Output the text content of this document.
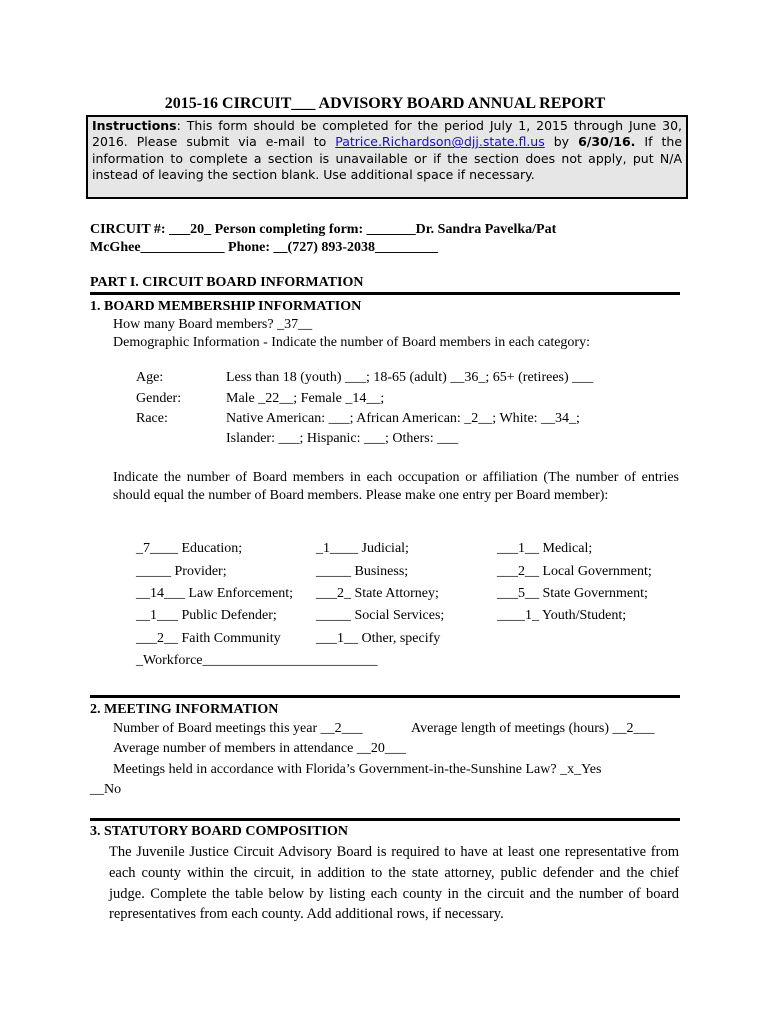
2015-16 CIRCUIT___ ADVISORY BOARD ANNUAL REPORT
Instructions: This form should be completed for the period July 1, 2015 through June 30, 2016. Please submit via e-mail to Patrice.Richardson@djj.state.fl.us by 6/30/16. If the information to complete a section is unavailable or if the section does not apply, put N/A instead of leaving the section blank. Use additional space if necessary.
CIRCUIT #: ___20_ Person completing form: _______Dr. Sandra Pavelka/Pat
McGhee____________ Phone: __(727) 893-2038_________
PART I. CIRCUIT BOARD INFORMATION
1. BOARD MEMBERSHIP INFORMATION
How many Board members? _37__
Demographic Information - Indicate the number of Board members in each category:
Age:	Less than 18 (youth) ___; 18-65 (adult) __36_; 65+ (retirees) ___
Gender:	Male _22__; Female _14__;
Race:	Native American: ___; African American: _2__; White: __34_;
Islander: ___; Hispanic: ___; Others: ___
Indicate the number of Board members in each occupation or affiliation (The number of entries should equal the number of Board members. Please make one entry per Board member):
_7____ Education;	_1____ Judicial;	___1__ Medical;
_____ Provider;	_____ Business;	___2__ Local Government;
__14___ Law Enforcement; ___2_ State Attorney;	___5__ State Government;
__1___ Public Defender;	_____ Social Services;	____1_ Youth/Student;
___2__ Faith Community	___1__ Other, specify
_Workforce_________________________
2. MEETING INFORMATION
Number of Board meetings this year __2___	Average length of meetings (hours) __2___
Average number of members in attendance __20___
Meetings held in accordance with Florida’s Government-in-the-Sunshine Law? _x_Yes
__No
3. STATUTORY BOARD COMPOSITION
The Juvenile Justice Circuit Advisory Board is required to have at least one representative from each county within the circuit, in addition to the state attorney, public defender and the chief judge. Complete the table below by listing each county in the circuit and the number of board representatives from each county. Add additional rows, if necessary.
